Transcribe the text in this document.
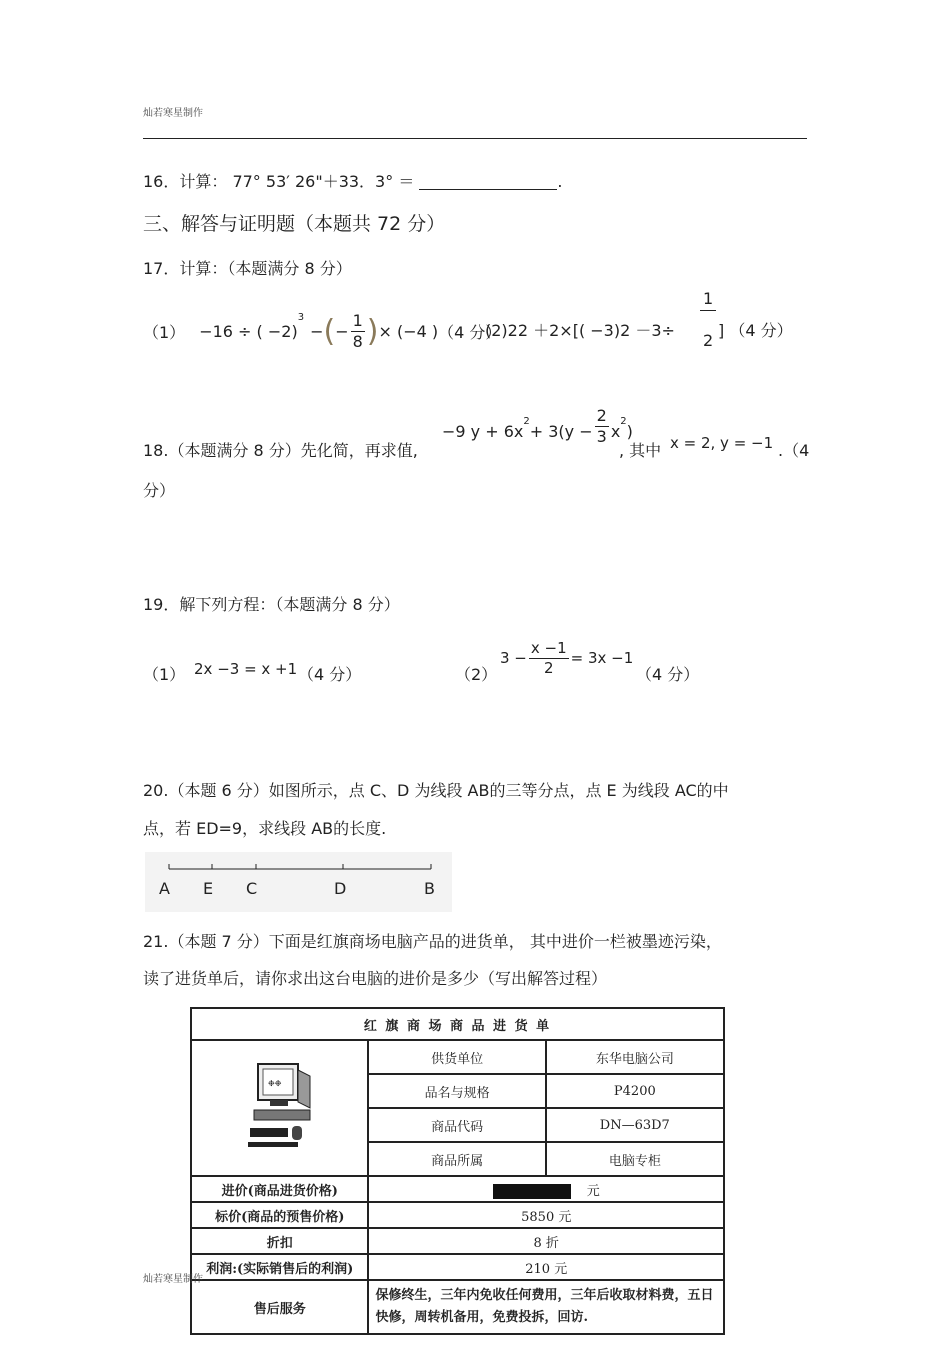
灿若寒星制作
16．计算： 77° 53′ 26"＋33．3° ＝	.
三、解答与证明题（本题共 72 分）
17．计算：（本题满分 8 分）
（1） −16 ÷ ( −2)
$^3$
− ( − $\frac{1}{8}$ ) × (−4 ) （4 分）
$(2)22 +2\times[( -3)2 -3\div \frac{1}{2}$ ] （4 分）
18.（本题满分 8 分）先化简，再求值,
−9 y + 6x
$^2$
+ $3(y - \frac{2}{3}$ x
$^2$
)
, 其中 x = 2, y = −1 .（4
分）
19．解下列方程：（本题满分 8 分）
（1） 2x −3 = x +1 （4 分）	（2）
$3 - \frac{x -1}{2} = 3x -1$
（4 分）
20.（本题 6 分）如图所示，点 C、D 为线段 AB的三等分点，点 E 为线段 AC的中
点，若 ED=9，求线段 AB的长度.
A E C	D	B
21.（本题 7 分）下面是红旗商场电脑产品的进货单， 其中进价一栏被墨迹污染，
读了进货单后，请你求出这台电脑的进价是多少（写出解答过程）
红 旗 商 场 商 品 进 货 单		

❉❉	供货单位	东华电脑公司
	品名与规格	P4200
	商品代码	DN—63D7
	商品所属	电脑专柜
进价(商品进货价格)	元	
标价(商品的预售价格)	5850 元	
折扣	8 折	
利润:(实际销售后的利润)	210 元	
售后服务	保修终生，三年内免收任何费用，三年后收取材料费，五日快修，周转机备用，免费投拆，回访.	
灿若寒星制作
